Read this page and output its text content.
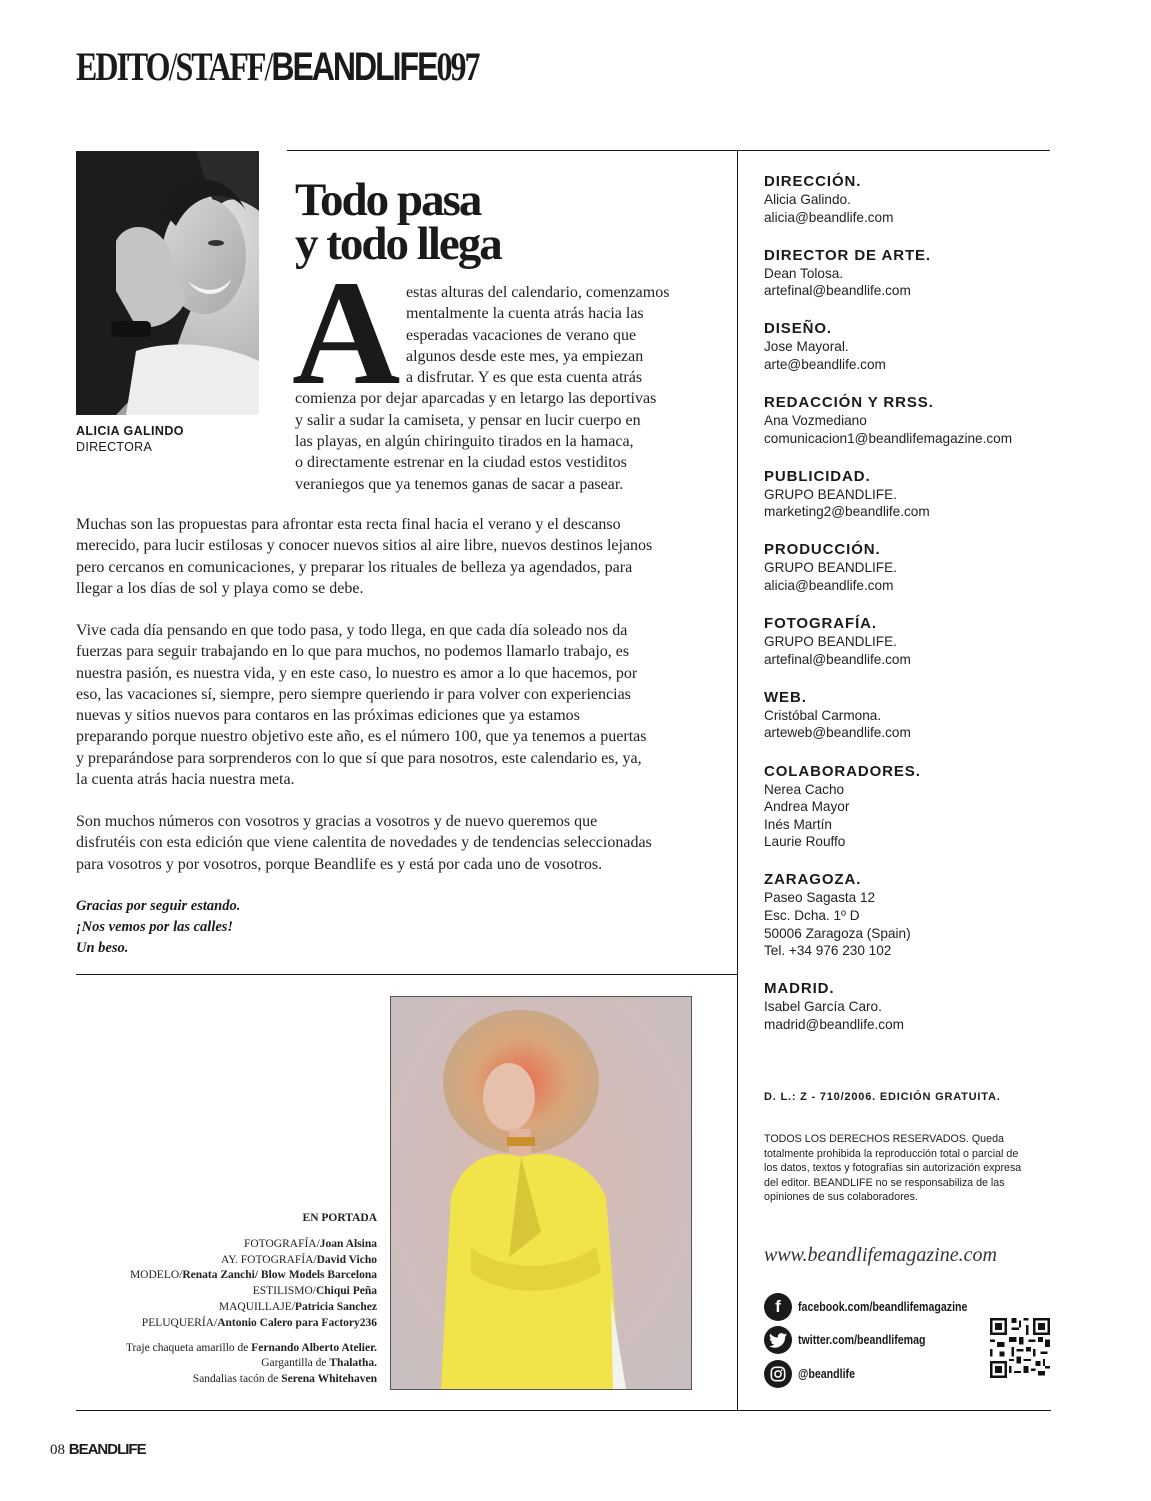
EDITO/STAFF/BEANDLIFE097
ALICIA GALINDO
DIRECTORA
Todo pasa
y todo llega
A estas alturas del calendario, comenzamos
mentalmente la cuenta atrás hacia las
esperadas vacaciones de verano que
algunos desde este mes, ya empiezan
a disfrutar. Y es que esta cuenta atrás
comienza por dejar aparcadas y en letargo las deportivas
y salir a sudar la camiseta, y pensar en lucir cuerpo en
las playas, en algún chiringuito tirados en la hamaca,
o directamente estrenar en la ciudad estos vestiditos
veraniegos que ya tenemos ganas de sacar a pasear.
Muchas son las propuestas para afrontar esta recta final hacia el verano y el descanso
merecido, para lucir estilosas y conocer nuevos sitios al aire libre, nuevos destinos lejanos
pero cercanos en comunicaciones, y preparar los rituales de belleza ya agendados, para
llegar a los días de sol y playa como se debe.
Vive cada día pensando en que todo pasa, y todo llega, en que cada día soleado nos da
fuerzas para seguir trabajando en lo que para muchos, no podemos llamarlo trabajo, es
nuestra pasión, es nuestra vida, y en este caso, lo nuestro es amor a lo que hacemos, por
eso, las vacaciones sí, siempre, pero siempre queriendo ir para volver con experiencias
nuevas y sitios nuevos para contaros en las próximas ediciones que ya estamos
preparando porque nuestro objetivo este año, es el número 100, que ya tenemos a puertas
y preparándose para sorprenderos con lo que sí que para nosotros, este calendario es, ya,
la cuenta atrás hacia nuestra meta.
Son muchos números con vosotros y gracias a vosotros y de nuevo queremos que
disfrutéis con esta edición que viene calentita de novedades y de tendencias seleccionadas
para vosotros y por vosotros, porque Beandlife es y está por cada uno de vosotros.
Gracias por seguir estando.
¡Nos vemos por las calles!
Un beso.
EN PORTADA
FOTOGRAFÍA/Joan Alsina
AY. FOTOGRAFÍA/David Vicho
MODELO/Renata Zanchi/ Blow Models Barcelona
ESTILISMO/Chiqui Peña
MAQUILLAJE/Patricia Sanchez
PELUQUERÍA/Antonio Calero para Factory236
Traje chaqueta amarillo de Fernando Alberto Atelier.
Gargantilla de Thalatha.
Sandalias tacón de Serena Whitehaven
DIRECCIÓN.
Alicia Galindo.
alicia@beandlife.com
DIRECTOR DE ARTE.
Dean Tolosa.
artefinal@beandlife.com
DISEÑO.
Jose Mayoral.
arte@beandlife.com
REDACCIÓN Y RRSS.
Ana Vozmediano
comunicacion1@beandlifemagazine.com
PUBLICIDAD.
GRUPO BEANDLIFE.
marketing2@beandlife.com
PRODUCCIÓN.
GRUPO BEANDLIFE.
alicia@beandlife.com
FOTOGRAFÍA.
GRUPO BEANDLIFE.
artefinal@beandlife.com
WEB.
Cristóbal Carmona.
arteweb@beandlife.com
COLABORADORES.
Nerea Cacho
Andrea Mayor
Inés Martín
Laurie Rouffo
ZARAGOZA.
Paseo Sagasta 12
Esc. Dcha. 1º D
50006 Zaragoza (Spain)
Tel. +34 976 230 102
MADRID.
Isabel García Caro.
madrid@beandlife.com
D. L.: Z - 710/2006. EDICIÓN GRATUITA.
TODOS LOS DERECHOS RESERVADOS. Queda
totalmente prohibida la reproducción total o parcial de
los datos, textos y fotografías sin autorización expresa
del editor. BEANDLIFE no se responsabiliza de las
opiniones de sus colaboradores.
www.beandlifemagazine.com
f	facebook.com/beandlifemagazine
twitter.com/beandlifemag
@beandlife
08 BEANDLIFE
